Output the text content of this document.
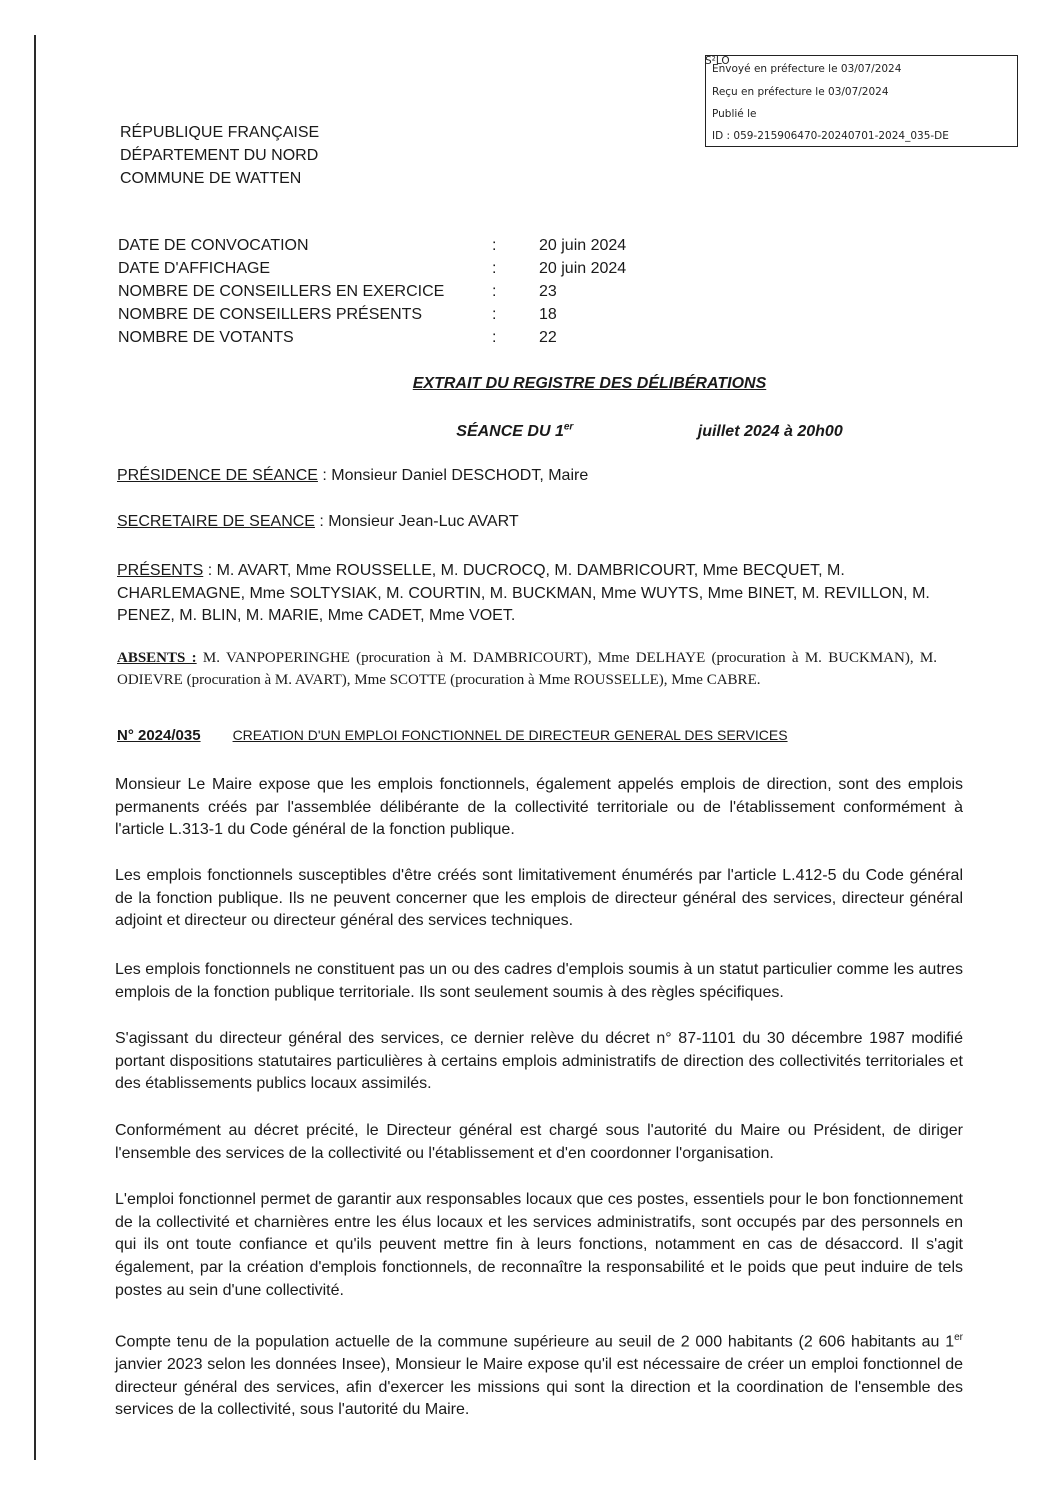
Envoyé en préfecture le 03/07/2024
Reçu en préfecture le 03/07/2024
Publié le
ID : 059-215906470-20240701-2024_035-DE
S²LO
RÉPUBLIQUE FRANÇAISE
DÉPARTEMENT DU NORD
COMMUNE DE WATTEN
DATE DE CONVOCATION	:	20 juin 2024
DATE D'AFFICHAGE	:	20 juin 2024
NOMBRE DE CONSEILLERS EN EXERCICE	:	23
NOMBRE DE CONSEILLERS PRÉSENTS	:	18
NOMBRE DE VOTANTS	:	22
EXTRAIT DU REGISTRE DES DÉLIBÉRATIONS
SÉANCE DU 1er	juillet 2024 à 20h00
PRÉSIDENCE DE SÉANCE : Monsieur Daniel DESCHODT, Maire
SECRETAIRE DE SEANCE : Monsieur Jean-Luc AVART
PRÉSENTS : M. AVART, Mme ROUSSELLE, M. DUCROCQ, M. DAMBRICOURT, Mme BECQUET, M. CHARLEMAGNE, Mme SOLTYSIAK, M. COURTIN, M. BUCKMAN, Mme WUYTS, Mme BINET, M. REVILLON, M. PENEZ, M. BLIN, M. MARIE, Mme CADET, Mme VOET.
ABSENTS : M. VANPOPERINGHE (procuration à M. DAMBRICOURT), Mme DELHAYE (procuration à M. BUCKMAN), M. ODIEVRE (procuration à M. AVART), Mme SCOTTE (procuration à Mme ROUSSELLE), Mme CABRE.
N° 2024/035 CREATION D'UN EMPLOI FONCTIONNEL DE DIRECTEUR GENERAL DES SERVICES
Monsieur Le Maire expose que les emplois fonctionnels, également appelés emplois de direction, sont des emplois permanents créés par l'assemblée délibérante de la collectivité territoriale ou de l'établissement conformément à l'article L.313-1 du Code général de la fonction publique.
Les emplois fonctionnels susceptibles d'être créés sont limitativement énumérés par l'article L.412-5 du Code général de la fonction publique. Ils ne peuvent concerner que les emplois de directeur général des services, directeur général adjoint et directeur ou directeur général des services techniques.
Les emplois fonctionnels ne constituent pas un ou des cadres d'emplois soumis à un statut particulier comme les autres emplois de la fonction publique territoriale. Ils sont seulement soumis à des règles spécifiques.
S'agissant du directeur général des services, ce dernier relève du décret n° 87-1101 du 30 décembre 1987 modifié portant dispositions statutaires particulières à certains emplois administratifs de direction des collectivités territoriales et des établissements publics locaux assimilés.
Conformément au décret précité, le Directeur général est chargé sous l'autorité du Maire ou Président, de diriger l'ensemble des services de la collectivité ou l'établissement et d'en coordonner l'organisation.
L'emploi fonctionnel permet de garantir aux responsables locaux que ces postes, essentiels pour le bon fonctionnement de la collectivité et charnières entre les élus locaux et les services administratifs, sont occupés par des personnels en qui ils ont toute confiance et qu'ils peuvent mettre fin à leurs fonctions, notamment en cas de désaccord. Il s'agit également, par la création d'emplois fonctionnels, de reconnaître la responsabilité et le poids que peut induire de tels postes au sein d'une collectivité.
Compte tenu de la population actuelle de la commune supérieure au seuil de 2 000 habitants (2 606 habitants au 1er janvier 2023 selon les données Insee), Monsieur le Maire expose qu'il est nécessaire de créer un emploi fonctionnel de directeur général des services, afin d'exercer les missions qui sont la direction et la coordination de l'ensemble des services de la collectivité, sous l'autorité du Maire.
